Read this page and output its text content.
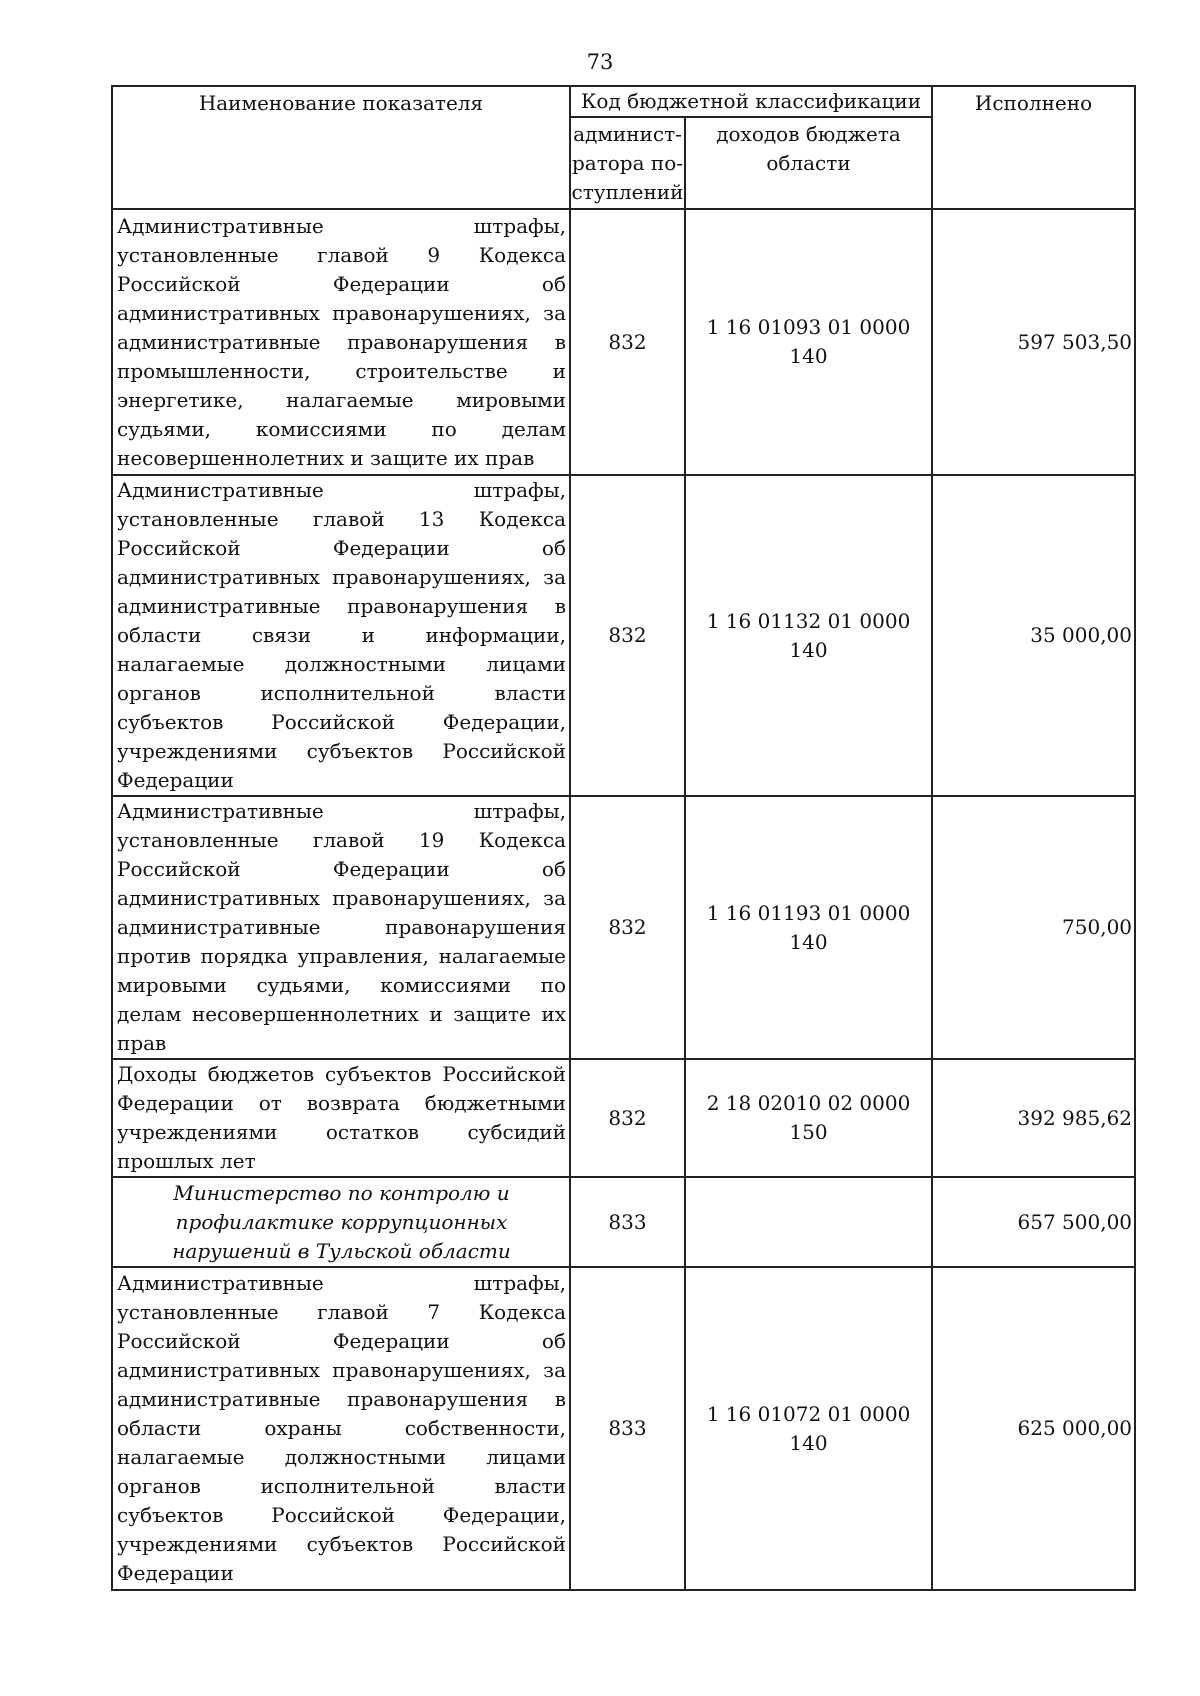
73
Наименование показателя	Код бюджетной классификации		Исполнено
	админист-ратора по-ступлений	доходов бюджета области	
Административные штрафы, установленные главой 9 Кодекса Российской Федерации об административных правонарушениях, за административные правонарушения в промышленности, строительстве и энергетике, налагаемые мировыми судьями, комиссиями по делам несовершеннолетних и защите их прав	832	1 16 01093 01 0000 140	597 503,50
Административные штрафы, установленные главой 13 Кодекса Российской Федерации об административных правонарушениях, за административные правонарушения в области связи и информации, налагаемые должностными лицами органов исполнительной власти субъектов Российской Федерации, учреждениями субъектов Российской Федерации	832	1 16 01132 01 0000 140	35 000,00
Административные штрафы, установленные главой 19 Кодекса Российской Федерации об административных правонарушениях, за административные правонарушения против порядка управления, налагаемые мировыми судьями, комиссиями по делам несовершеннолетних и защите их прав	832	1 16 01193 01 0000 140	750,00
Доходы бюджетов субъектов Российской Федерации от возврата бюджетными учреждениями остатков субсидий прошлых лет	832	2 18 02010 02 0000 150	392 985,62
Министерство по контролю и профилактике коррупционных нарушений в Тульской области	833		657 500,00
Административные штрафы, установленные главой 7 Кодекса Российской Федерации об административных правонарушениях, за административные правонарушения в области охраны собственности, налагаемые должностными лицами органов исполнительной власти субъектов Российской Федерации, учреждениями субъектов Российской Федерации	833	1 16 01072 01 0000 140	625 000,00
